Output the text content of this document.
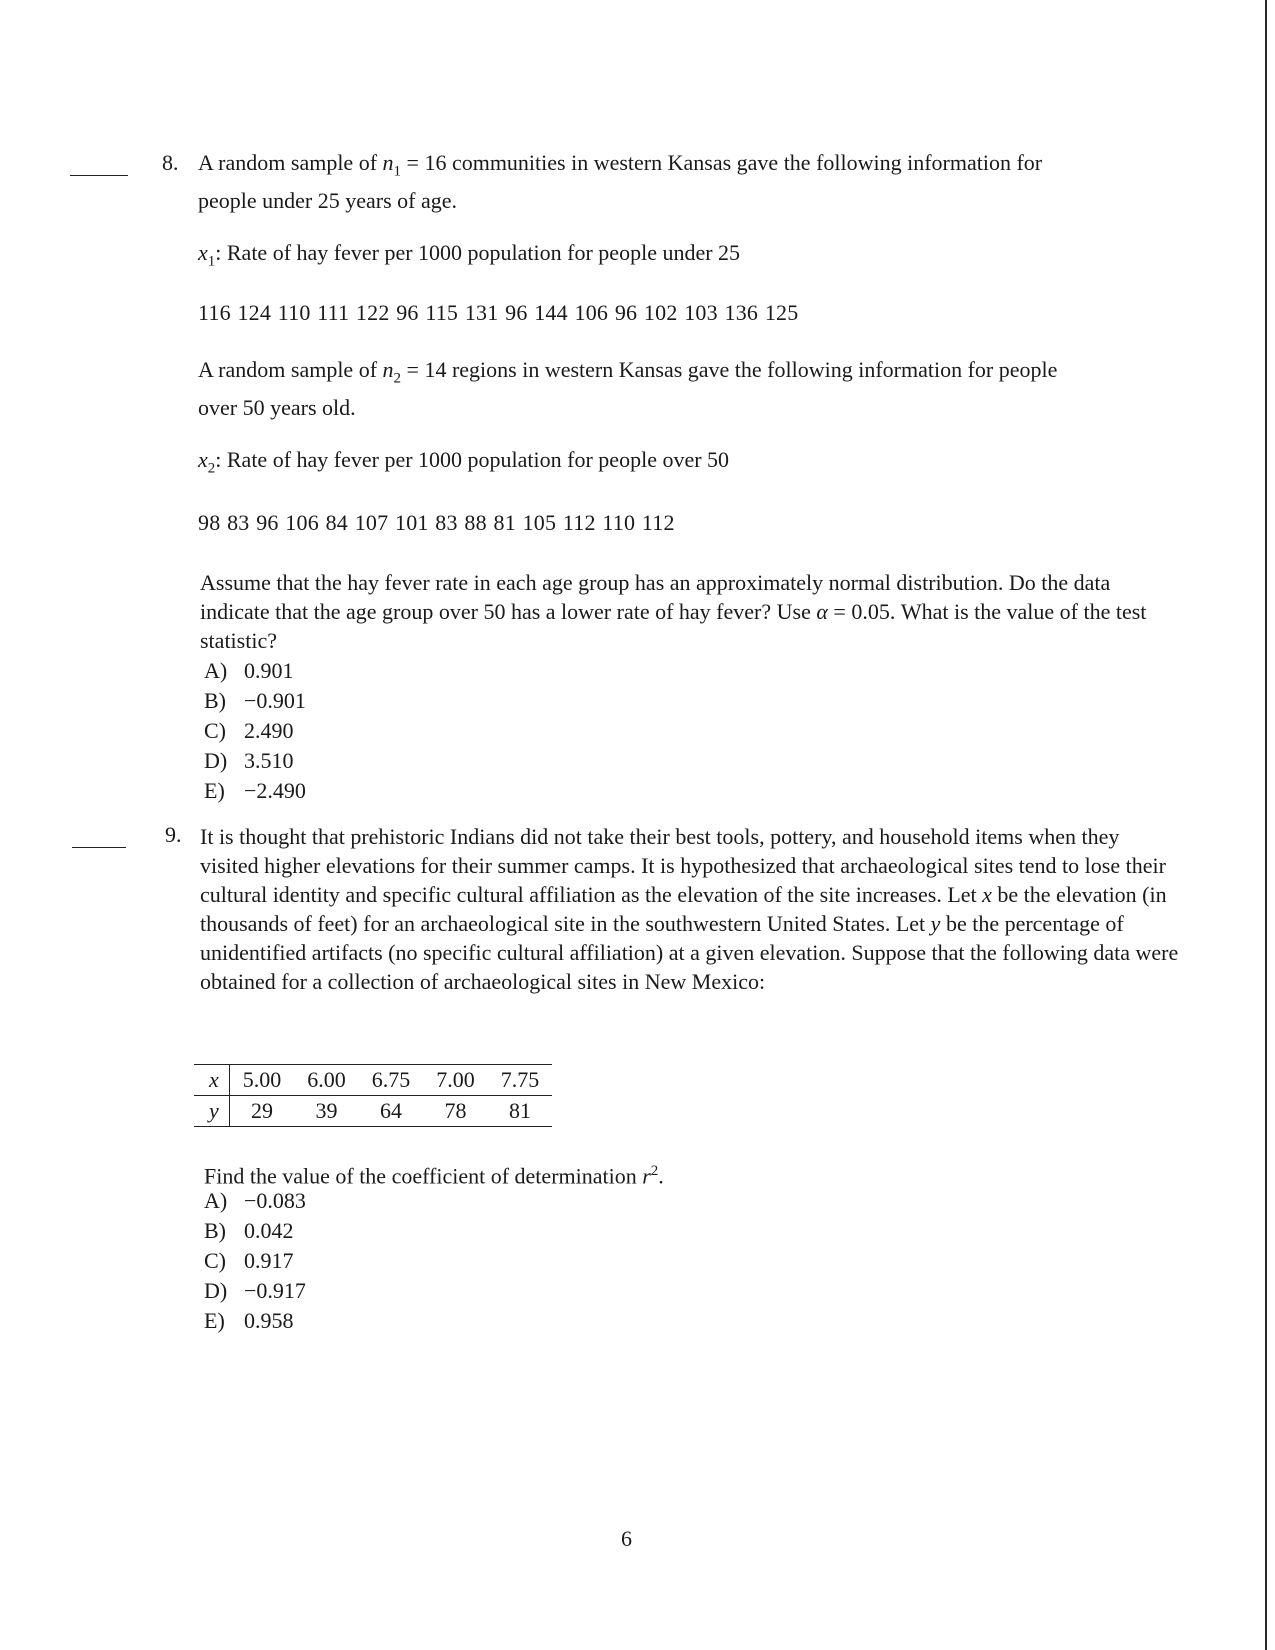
8. A random sample of $n_1 = 16$ communities in western Kansas gave the following information for
people under 25 years of age.
$x_1$: Rate of hay fever per 1000 population for people under 25
116 124 110 111 122 96 115 131 96 144 106 96 102 103 136 125
A random sample of $n_2 = 14$ regions in western Kansas gave the following information for people
over 50 years old.
$x_2$: Rate of hay fever per 1000 population for people over 50
98 83 96 106 84 107 101 83 88 81 105 112 110 112
Assume that the hay fever rate in each age group has an approximately normal distribution. Do the data indicate that the age group over 50 has a lower rate of hay fever? Use α = 0.05. What is the value of the test statistic?
A) 0.901
B) −0.901
C) 2.490
D) 3.510
E) −2.490
9. It is thought that prehistoric Indians did not take their best tools, pottery, and household items when they visited higher elevations for their summer camps. It is hypothesized that archaeological sites tend to lose their cultural identity and specific cultural affiliation as the elevation of the site increases. Let x be the elevation (in thousands of feet) for an archaeological site in the southwestern United States. Let y be the percentage of unidentified artifacts (no specific cultural affiliation) at a given elevation. Suppose that the following data were obtained for a collection of archaeological sites in New Mexico:
x	5.00	6.00	6.75	7.00	7.75
y	29	39	64	78	81
Find the value of the coefficient of determination $r^2$.
A) −0.083
B) 0.042
C) 0.917
D) −0.917
E) 0.958
6
